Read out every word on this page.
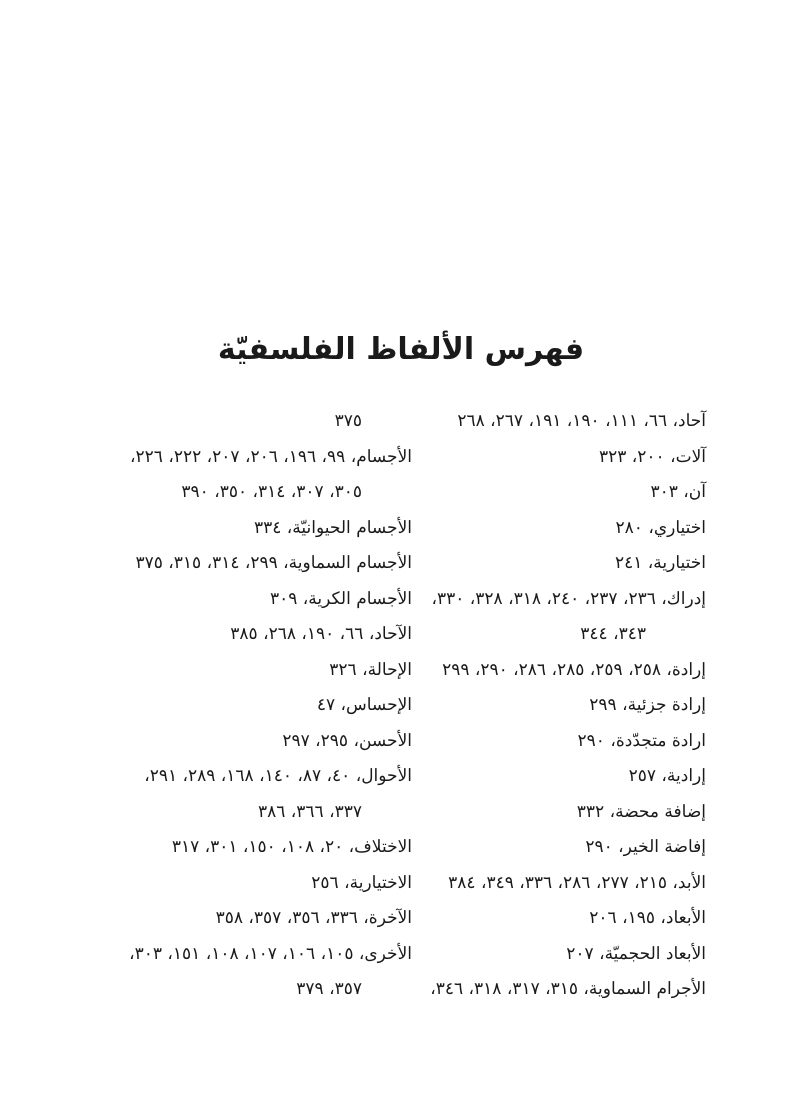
فهرس الألفاظ الفلسفيّة
آحاد، ٦٦، ١١١، ١٩٠، ١٩١، ٢٦٧، ٢٦٨
آلات، ٢٠٠، ٣٢٣
آن، ٣٠٣
اختياري، ٢٨٠
اختيارية، ٢٤١
إدراك، ٢٣٦، ٢٣٧، ٢٤٠، ٣١٨، ٣٢٨، ٣٣٠،
٣٤٣، ٣٤٤
إرادة، ٢٥٨، ٢٥٩، ٢٨٥، ٢٨٦، ٢٩٠، ٢٩٩
إرادة جزئية، ٢٩٩
ارادة متجدّدة، ٢٩٠
إرادية، ٢٥٧
إضافة محضة، ٣٣٢
إفاضة الخير، ٢٩٠
الأبد، ٢١٥، ٢٧٧، ٢٨٦، ٣٣٦، ٣٤٩، ٣٨٤
الأبعاد، ١٩٥، ٢٠٦
الأبعاد الحجميّة، ٢٠٧
الأجرام السماوية، ٣١٥، ٣١٧، ٣١٨، ٣٤٦،
٣٧٥
الأجسام، ٩٩، ١٩٦، ٢٠٦، ٢٠٧، ٢٢٢، ٢٢٦،
٣٠٥، ٣٠٧، ٣١٤، ٣٥٠، ٣٩٠
الأجسام الحيوانيّة، ٣٣٤
الأجسام السماوية، ٢٩٩، ٣١٤، ٣١٥، ٣٧٥
الأجسام الكرية، ٣٠٩
الآحاد، ٦٦، ١٩٠، ٢٦٨، ٣٨٥
الإحالة، ٣٢٦
الإحساس، ٤٧
الأحسن، ٢٩٥، ٢٩٧
الأحوال، ٤٠، ٨٧، ١٤٠، ١٦٨، ٢٨٩، ٢٩١،
٣٣٧، ٣٦٦، ٣٨٦
الاختلاف، ٢٠، ١٠٨، ١٥٠، ٣٠١، ٣١٧
الاختيارية، ٢٥٦
الآخرة، ٣٣٦، ٣٥٦، ٣٥٧، ٣٥٨
الأخرى، ١٠٥، ١٠٦، ١٠٧، ١٠٨، ١٥١، ٣٠٣،
٣٥٧، ٣٧٩
